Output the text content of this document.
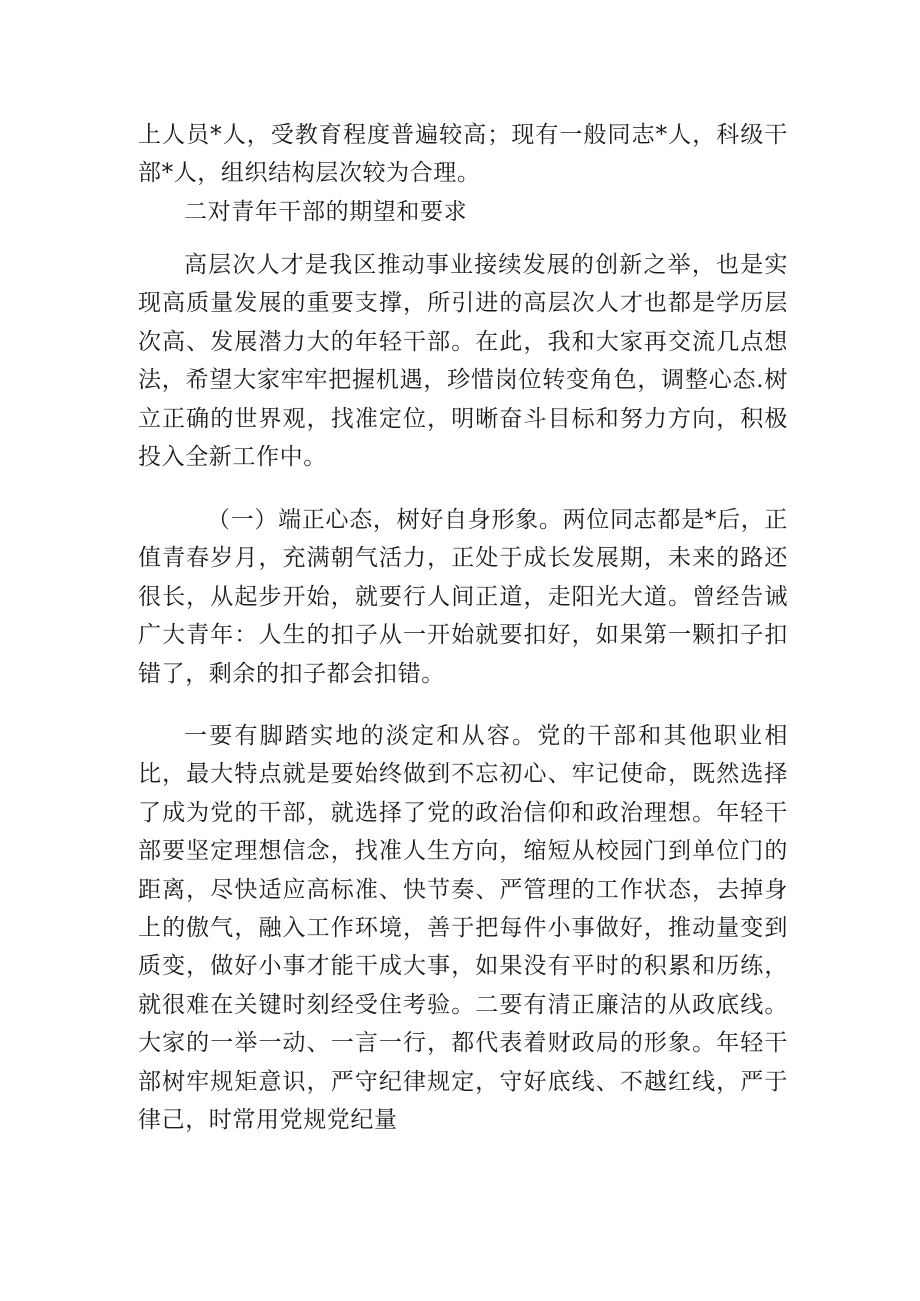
上人员*人，受教育程度普遍较高；现有一般同志*人，科级干部*人，组织结构层次较为合理。

二对青年干部的期望和要求

高层次人才是我区推动事业接续发展的创新之举，也是实现高质量发展的重要支撑，所引进的高层次人才也都是学历层次高、发展潜力大的年轻干部。在此，我和大家再交流几点想法，希望大家牢牢把握机遇，珍惜岗位转变角色，调整心态.树立正确的世界观，找准定位，明晰奋斗目标和努力方向，积极投入全新工作中。

（一）端正心态，树好自身形象。两位同志都是*后，正值青春岁月，充满朝气活力，正处于成长发展期，未来的路还很长，从起步开始，就要行人间正道，走阳光大道。曾经告诫广大青年：人生的扣子从一开始就要扣好，如果第一颗扣子扣错了，剩余的扣子都会扣错。

一要有脚踏实地的淡定和从容。党的干部和其他职业相比，最大特点就是要始终做到不忘初心、牢记使命，既然选择了成为党的干部，就选择了党的政治信仰和政治理想。年轻干部要坚定理想信念，找准人生方向，缩短从校园门到单位门的距离，尽快适应高标准、快节奏、严管理的工作状态，去掉身上的傲气，融入工作环境，善于把每件小事做好，推动量变到质变，做好小事才能干成大事，如果没有平时的积累和历练，就很难在关键时刻经受住考验。二要有清正廉洁的从政底线。大家的一举一动、一言一行，都代表着财政局的形象。年轻干部树牢规矩意识，严守纪律规定，守好底线、不越红线，严于律己，时常用党规党纪量
